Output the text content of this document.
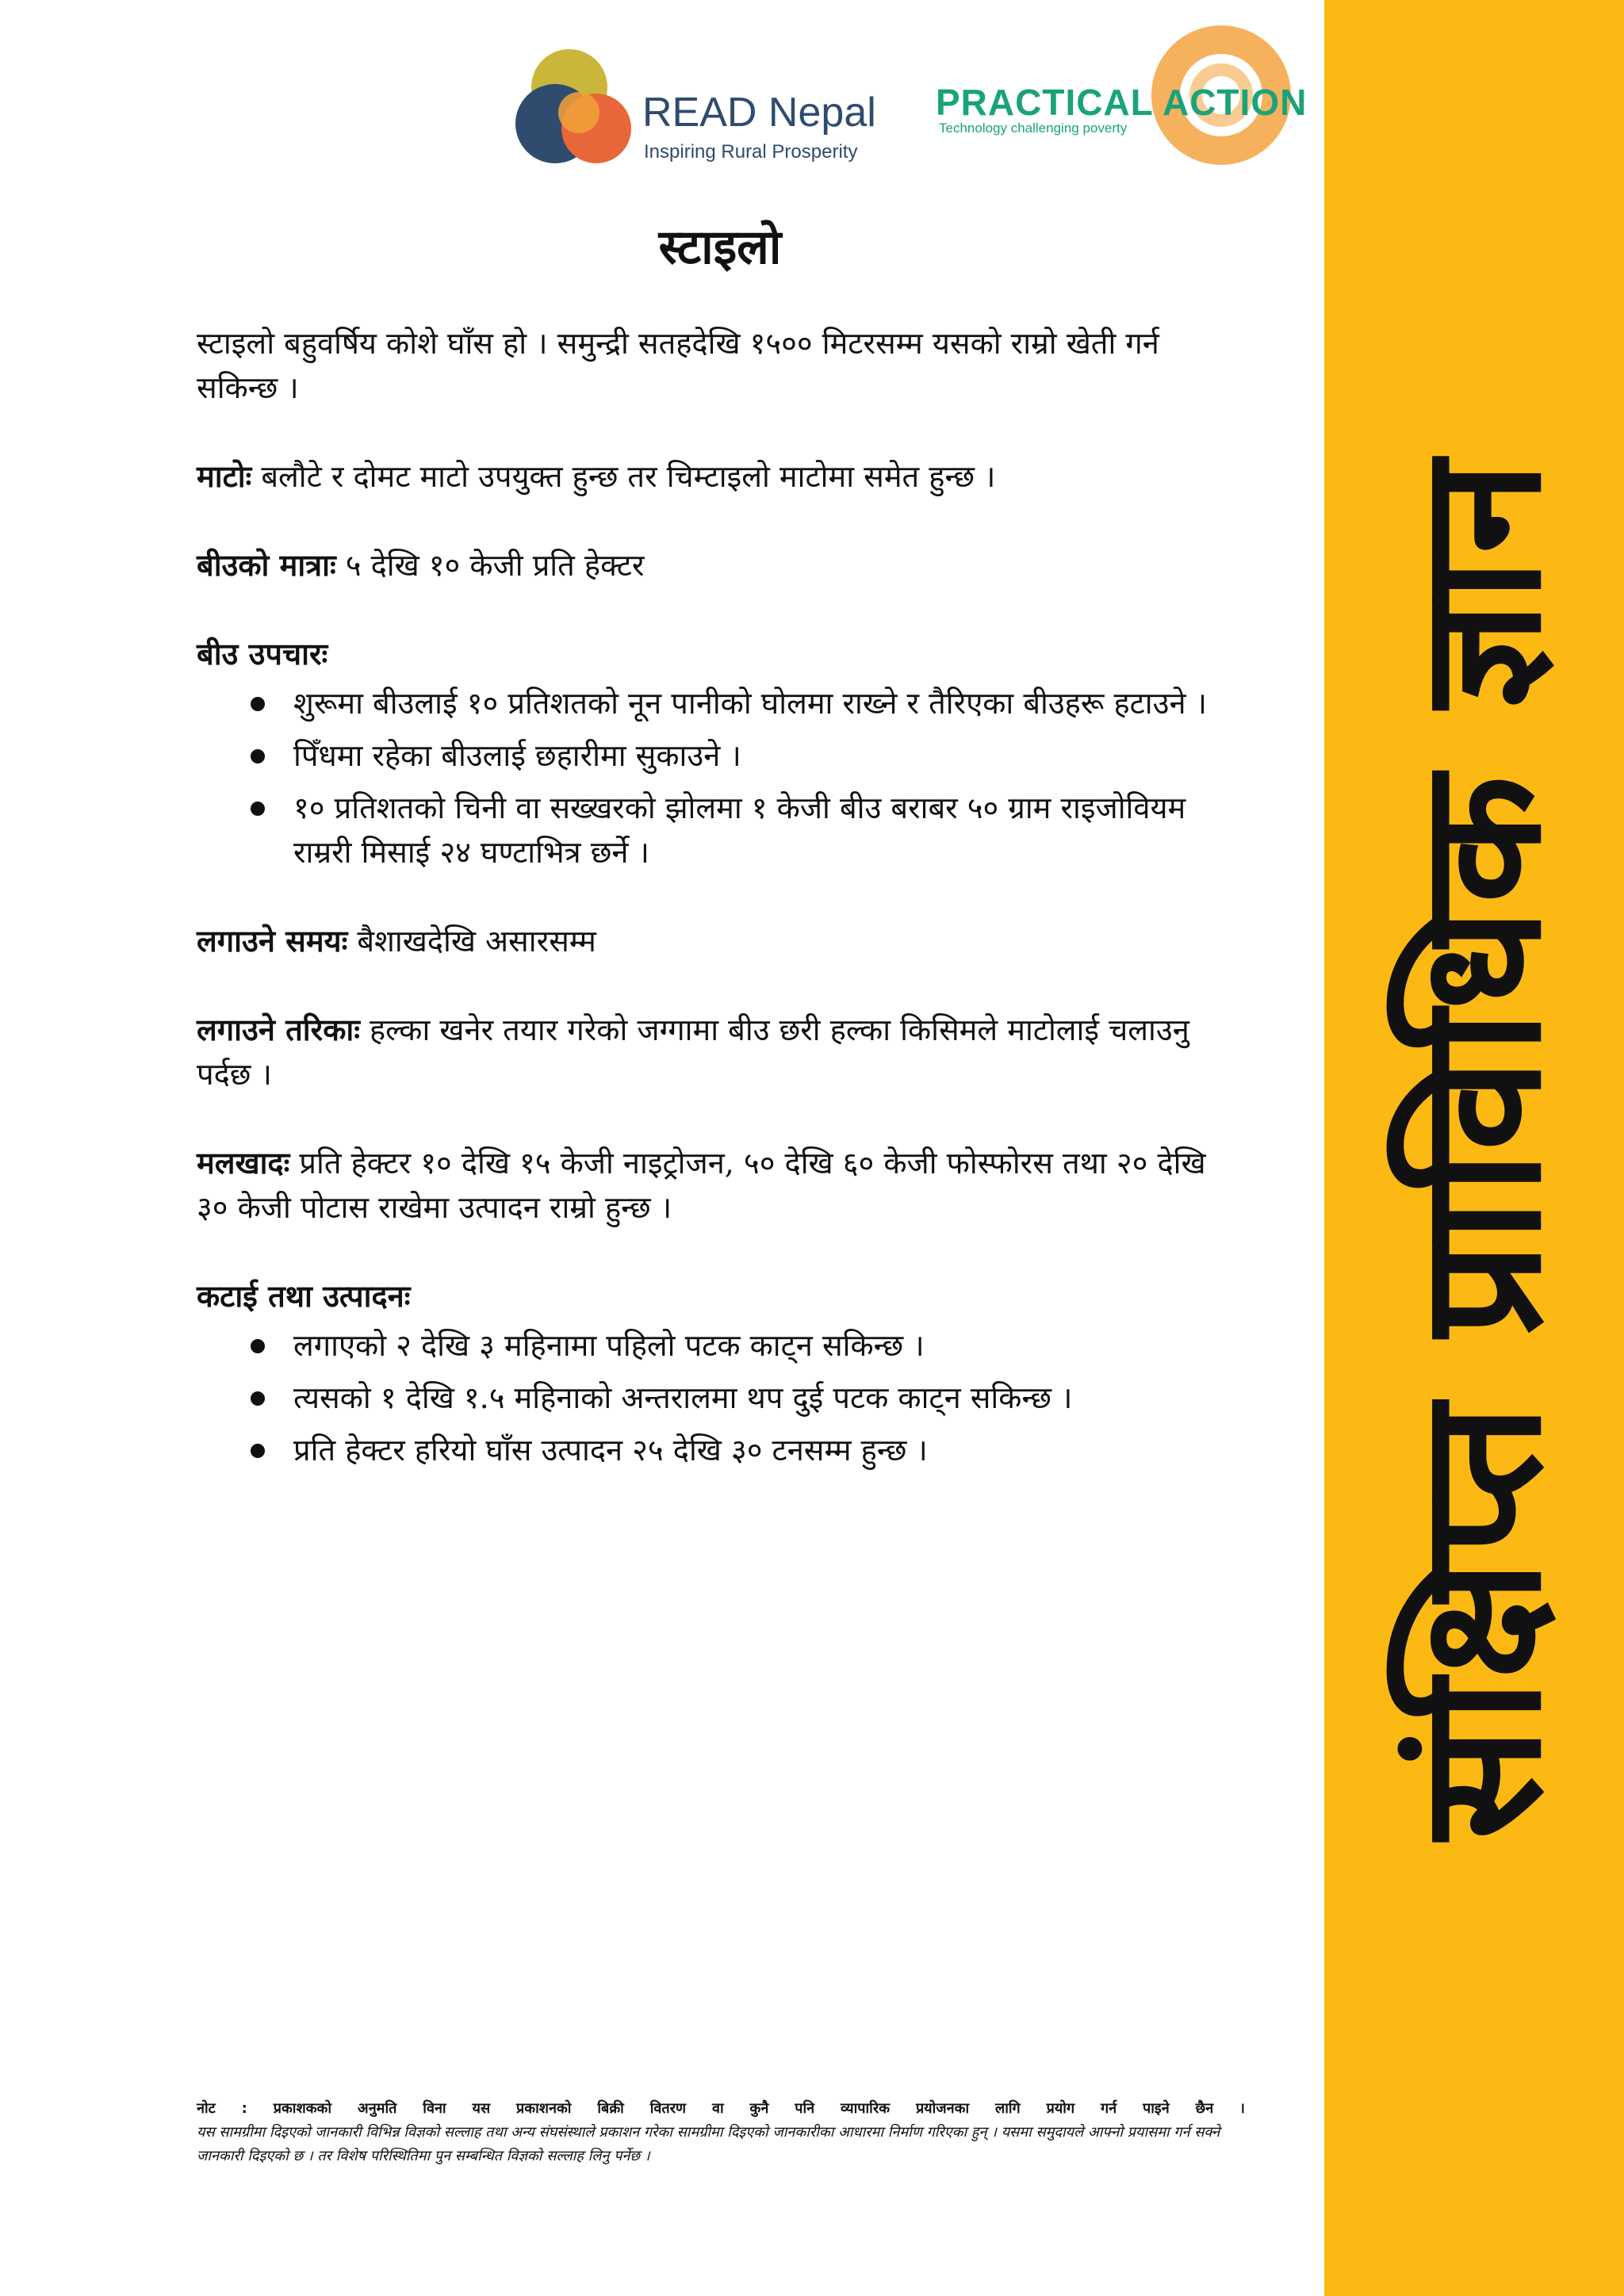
संक्षिप्त प्राविधिक ज्ञान
READ Nepal
Inspiring Rural Prosperity
PRACTICAL ACTION
Technology challenging poverty
स्टाइलो

स्टाइलो बहुवर्षिय कोशे घाँस हो । समुन्द्री सतहदेखि १५०० मिटरसम्म यसको राम्रो खेती गर्न सकिन्छ ।

माटोः बलौटे र दोमट माटो उपयुक्त हुन्छ तर चिम्टाइलो माटोमा समेत हुन्छ ।

बीउको मात्राः ५ देखि १० केजी प्रति हेक्टर

बीउ उपचारः

शुरूमा बीउलाई १० प्रतिशतको नून पानीको घोलमा राख्ने र तैरिएका बीउहरू हटाउने ।
पिँधमा रहेका बीउलाई छहारीमा सुकाउने ।
१० प्रतिशतको चिनी वा सख्खरको झोलमा १ केजी बीउ बराबर ५० ग्राम राइजोवियम राम्ररी मिसाई २४ घण्टाभित्र छर्ने ।

लगाउने समयः बैशाखदेखि असारसम्म

लगाउने तरिकाः हल्का खनेर तयार गरेको जग्गामा बीउ छरी हल्का किसिमले माटोलाई चलाउनु पर्दछ ।

मलखादः प्रति हेक्टर १० देखि १५ केजी नाइट्रोजन, ५० देखि ६० केजी फोस्फोरस तथा २० देखि ३० केजी पोटास राखेमा उत्पादन राम्रो हुन्छ ।

कटाई तथा उत्पादनः

लगाएको २ देखि ३ महिनामा पहिलो पटक काट्न सकिन्छ ।
त्यसको १ देखि १.५ महिनाको अन्तरालमा थप दुई पटक काट्न सकिन्छ ।
प्रति हेक्टर हरियो घाँस उत्पादन २५ देखि ३० टनसम्म हुन्छ ।
नोट : प्रकाशकको अनुमति विना यस प्रकाशनको बिक्री वितरण वा कुनै पनि व्यापारिक प्रयोजनका लागि प्रयोग गर्न पाइने छैन ।
यस सामग्रीमा दिइएको जानकारी विभिन्न विज्ञको सल्लाह तथा अन्य संघसंस्थाले प्रकाशन गरेका सामग्रीमा दिइएको जानकारीका आधारमा निर्माण गरिएका हुन् । यसमा समुदायले आफ्नो प्रयासमा गर्न सक्ने जानकारी दिइएको छ । तर विशेष परिस्थितिमा पुन सम्बन्धित विज्ञको सल्लाह लिनु पर्नेछ ।
